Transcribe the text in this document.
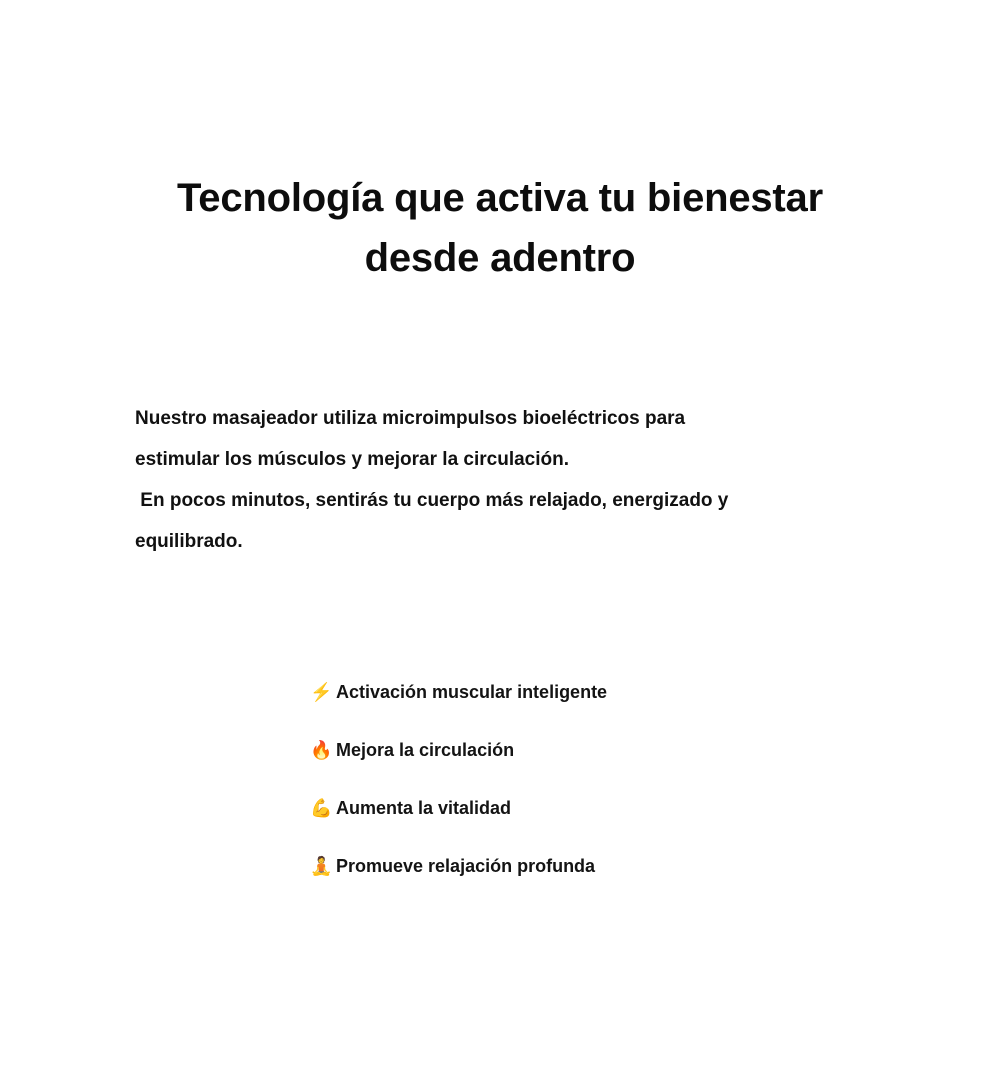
Tecnología que activa tu bienestar desde adentro

Nuestro masajeador utiliza microimpulsos bioeléctricos para
estimular los músculos y mejorar la circulación.
En pocos minutos, sentirás tu cuerpo más relajado, energizado y
equilibrado.

⚡ Activación muscular inteligente
🔥 Mejora la circulación
💪 Aumenta la vitalidad
🧘 Promueve relajación profunda
